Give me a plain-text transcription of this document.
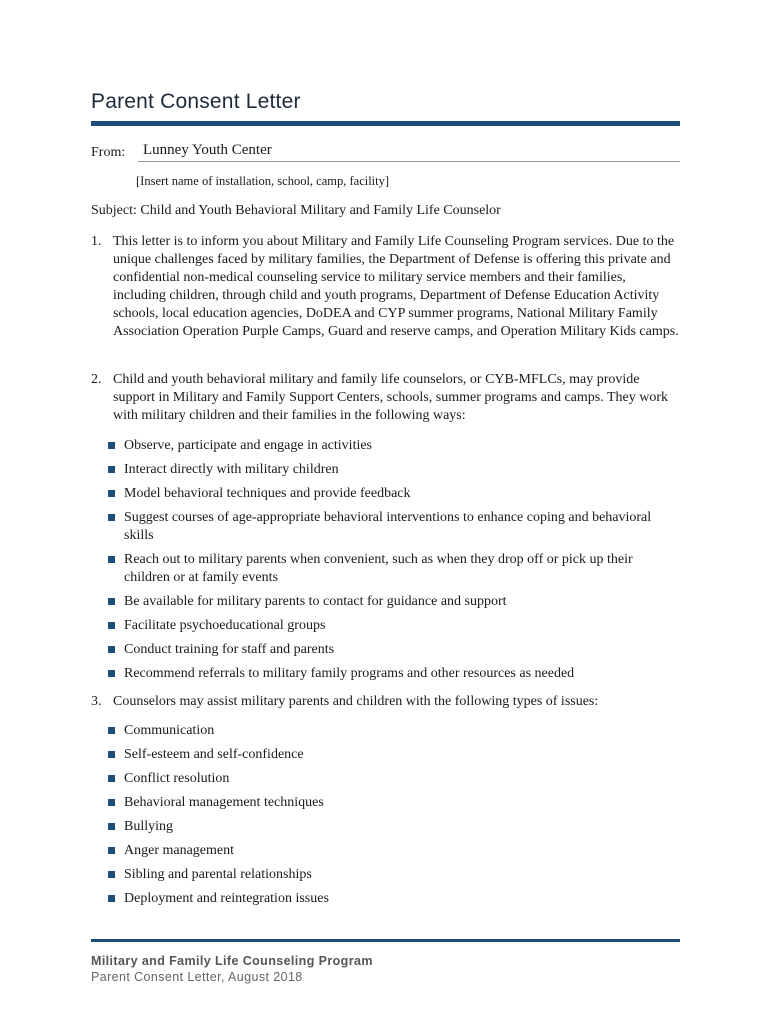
Parent Consent Letter
From: Lunney Youth Center
[Insert name of installation, school, camp, facility]
Subject: Child and Youth Behavioral Military and Family Life Counselor
1. This letter is to inform you about Military and Family Life Counseling Program services. Due to the unique challenges faced by military families, the Department of Defense is offering this private and confidential non-medical counseling service to military service members and their families, including children, through child and youth programs, Department of Defense Education Activity schools, local education agencies, DoDEA and CYP summer programs, National Military Family Association Operation Purple Camps, Guard and reserve camps, and Operation Military Kids camps.
2. Child and youth behavioral military and family life counselors, or CYB-MFLCs, may provide support in Military and Family Support Centers, schools, summer programs and camps. They work with military children and their families in the following ways:
Observe, participate and engage in activities
Interact directly with military children
Model behavioral techniques and provide feedback
Suggest courses of age-appropriate behavioral interventions to enhance coping and behavioral skills
Reach out to military parents when convenient, such as when they drop off or pick up their children or at family events
Be available for military parents to contact for guidance and support
Facilitate psychoeducational groups
Conduct training for staff and parents
Recommend referrals to military family programs and other resources as needed
3. Counselors may assist military parents and children with the following types of issues:
Communication
Self-esteem and self-confidence
Conflict resolution
Behavioral management techniques
Bullying
Anger management
Sibling and parental relationships
Deployment and reintegration issues
Military and Family Life Counseling Program
Parent Consent Letter, August 2018
